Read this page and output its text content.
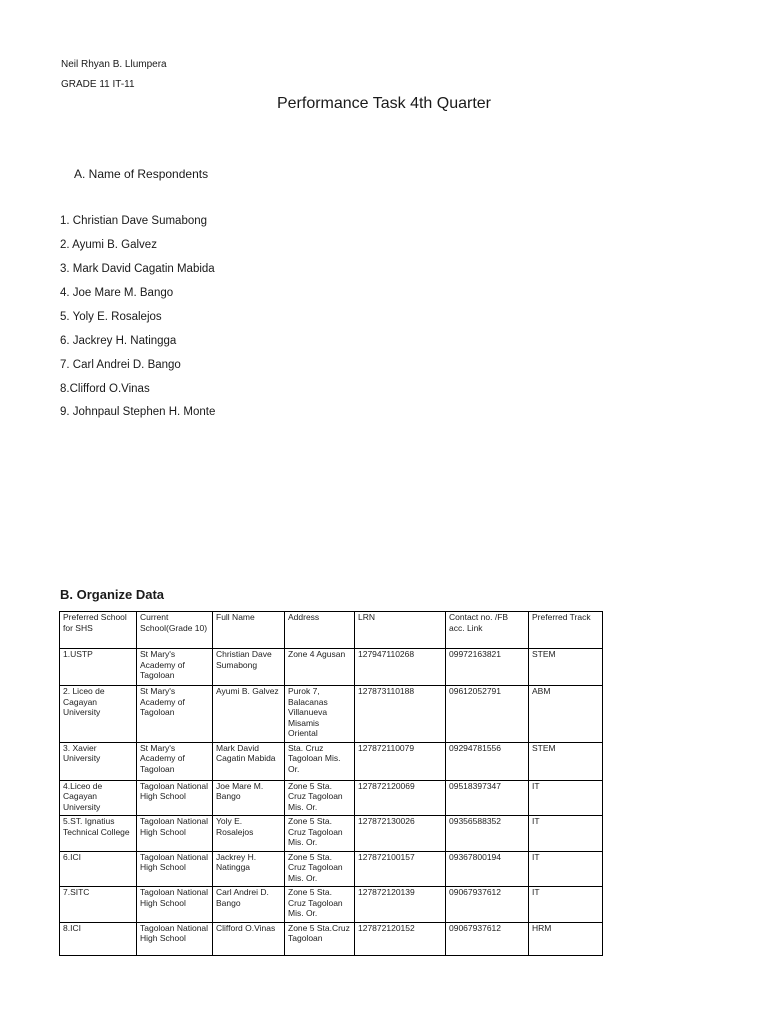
Neil Rhyan B. Llumpera
GRADE 11 IT-11
Performance Task 4th Quarter
A. Name of Respondents
1. Christian Dave Sumabong
2. Ayumi B. Galvez
3. Mark David Cagatin Mabida
4. Joe Mare M. Bango
5. Yoly E. Rosalejos
6. Jackrey H. Natingga
7. Carl Andrei D. Bango
8.Clifford O.Vinas
9. Johnpaul Stephen H. Monte
B. Organize Data
Preferred School for SHS	Current School(Grade 10)	Full Name	Address	LRN	Contact no. /FB acc. Link	Preferred Track
1.USTP	St Mary's Academy of Tagoloan	Christian Dave Sumabong	Zone 4 Agusan	127947110268	09972163821	STEM
2. Liceo de Cagayan University	St Mary's Academy of Tagoloan	Ayumi B. Galvez	Purok 7, Balacanas Villanueva Misamis Oriental	127873110188	09612052791	ABM
3. Xavier University	St Mary's Academy of Tagoloan	Mark David Cagatin Mabida	Sta. Cruz Tagoloan Mis. Or.	127872110079	09294781556	STEM
4.Liceo de Cagayan University	Tagoloan National High School	Joe Mare M. Bango	Zone 5 Sta. Cruz Tagoloan Mis. Or.	127872120069	09518397347	IT
5.ST. Ignatius Technical College	Tagoloan National High School	Yoly E. Rosalejos	Zone 5 Sta. Cruz Tagoloan Mis. Or.	127872130026	09356588352	IT
6.ICI	Tagoloan National High School	Jackrey H. Natingga	Zone 5 Sta. Cruz Tagoloan Mis. Or.	127872100157	09367800194	IT
7.SITC	Tagoloan National High School	Carl Andrei D. Bango	Zone 5 Sta. Cruz Tagoloan Mis. Or.	127872120139	09067937612	IT
8.ICI	Tagoloan National High School	Clifford O.Vinas	Zone 5 Sta.Cruz Tagoloan	127872120152	09067937612	HRM
